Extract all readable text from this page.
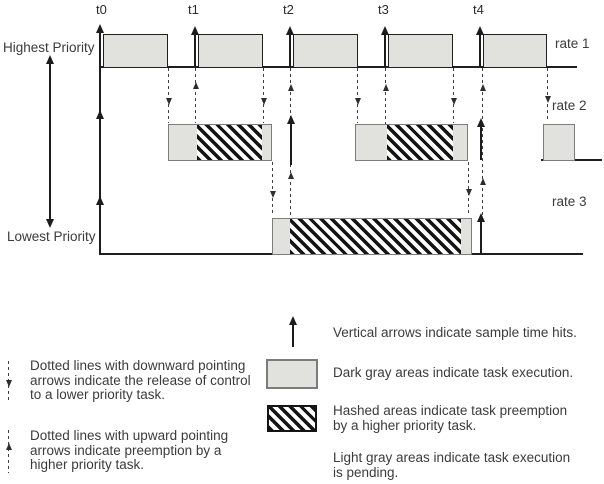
t0	t1	t2	t3	t4
Highest Priority
Lowest Priority
rate 1
rate 2
rate 3
Dotted lines with downward pointing
arrows indicate the release of control
to a lower priority task.
Dotted lines with upward pointing
arrows indicate preemption by a
higher priority task.
Vertical arrows indicate sample time hits.
Dark gray areas indicate task execution.
Hashed areas indicate task preemption
by a higher priority task.
Light gray areas indicate task execution
is pending.
